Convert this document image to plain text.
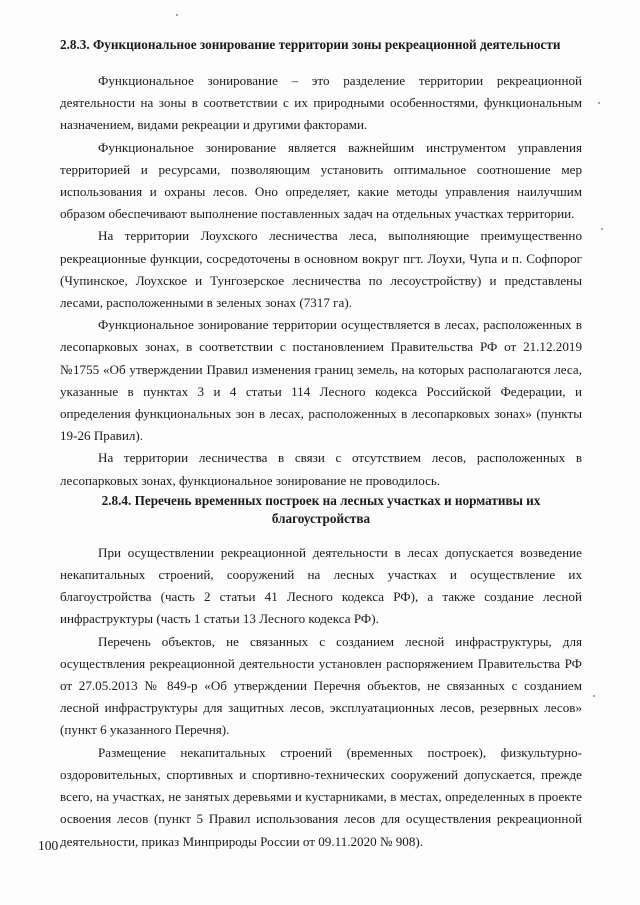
2.8.3. Функциональное зонирование территории зоны рекреационной деятельности

Функциональное зонирование – это разделение территории рекреационной деятельности на зоны в соответствии с их природными особенностями, функциональным назначением, видами рекреации и другими факторами.

Функциональное зонирование является важнейшим инструментом управления территорией и ресурсами, позволяющим установить оптимальное соотношение мер использования и охраны лесов. Оно определяет, какие методы управления наилучшим образом обеспечивают выполнение поставленных задач на отдельных участках территории.

На территории Лоухского лесничества леса, выполняющие преимущественно рекреационные функции, сосредоточены в основном вокруг пгт. Лоухи, Чупа и п. Софпорог (Чупинское, Лоухское и Тунгозерское лесничества по лесоустройству) и представлены лесами, расположенными в зеленых зонах (7317 га).

Функциональное зонирование территории осуществляется в лесах, расположенных в лесопарковых зонах, в соответствии с постановлением Правительства РФ от 21.12.2019 №1755 «Об утверждении Правил изменения границ земель, на которых располагаются леса, указанные в пунктах 3 и 4 статьи 114 Лесного кодекса Российской Федерации, и определения функциональных зон в лесах, расположенных в лесопарковых зонах» (пункты 19-26 Правил).

На территории лесничества в связи с отсутствием лесов, расположенных в лесопарковых зонах, функциональное зонирование не проводилось.

2.8.4. Перечень временных построек на лесных участках и нормативы их благоустройства

При осуществлении рекреационной деятельности в лесах допускается возведение некапитальных строений, сооружений на лесных участках и осуществление их благоустройства (часть 2 статьи 41 Лесного кодекса РФ), а также создание лесной инфраструктуры (часть 1 статьи 13 Лесного кодекса РФ).

Перечень объектов, не связанных с созданием лесной инфраструктуры, для осуществления рекреационной деятельности установлен распоряжением Правительства РФ от 27.05.2013 № 849-р «Об утверждении Перечня объектов, не связанных с созданием лесной инфраструктуры для защитных лесов, эксплуатационных лесов, резервных лесов» (пункт 6 указанного Перечня).

Размещение некапитальных строений (временных построек), физкультурно-оздоровительных, спортивных и спортивно-технических сооружений допускается, прежде всего, на участках, не занятых деревьями и кустарниками, в местах, определенных в проекте освоения лесов (пункт 5 Правил использования лесов для осуществления рекреационной деятельности, приказ Минприроды России от 09.11.2020 № 908).

100
